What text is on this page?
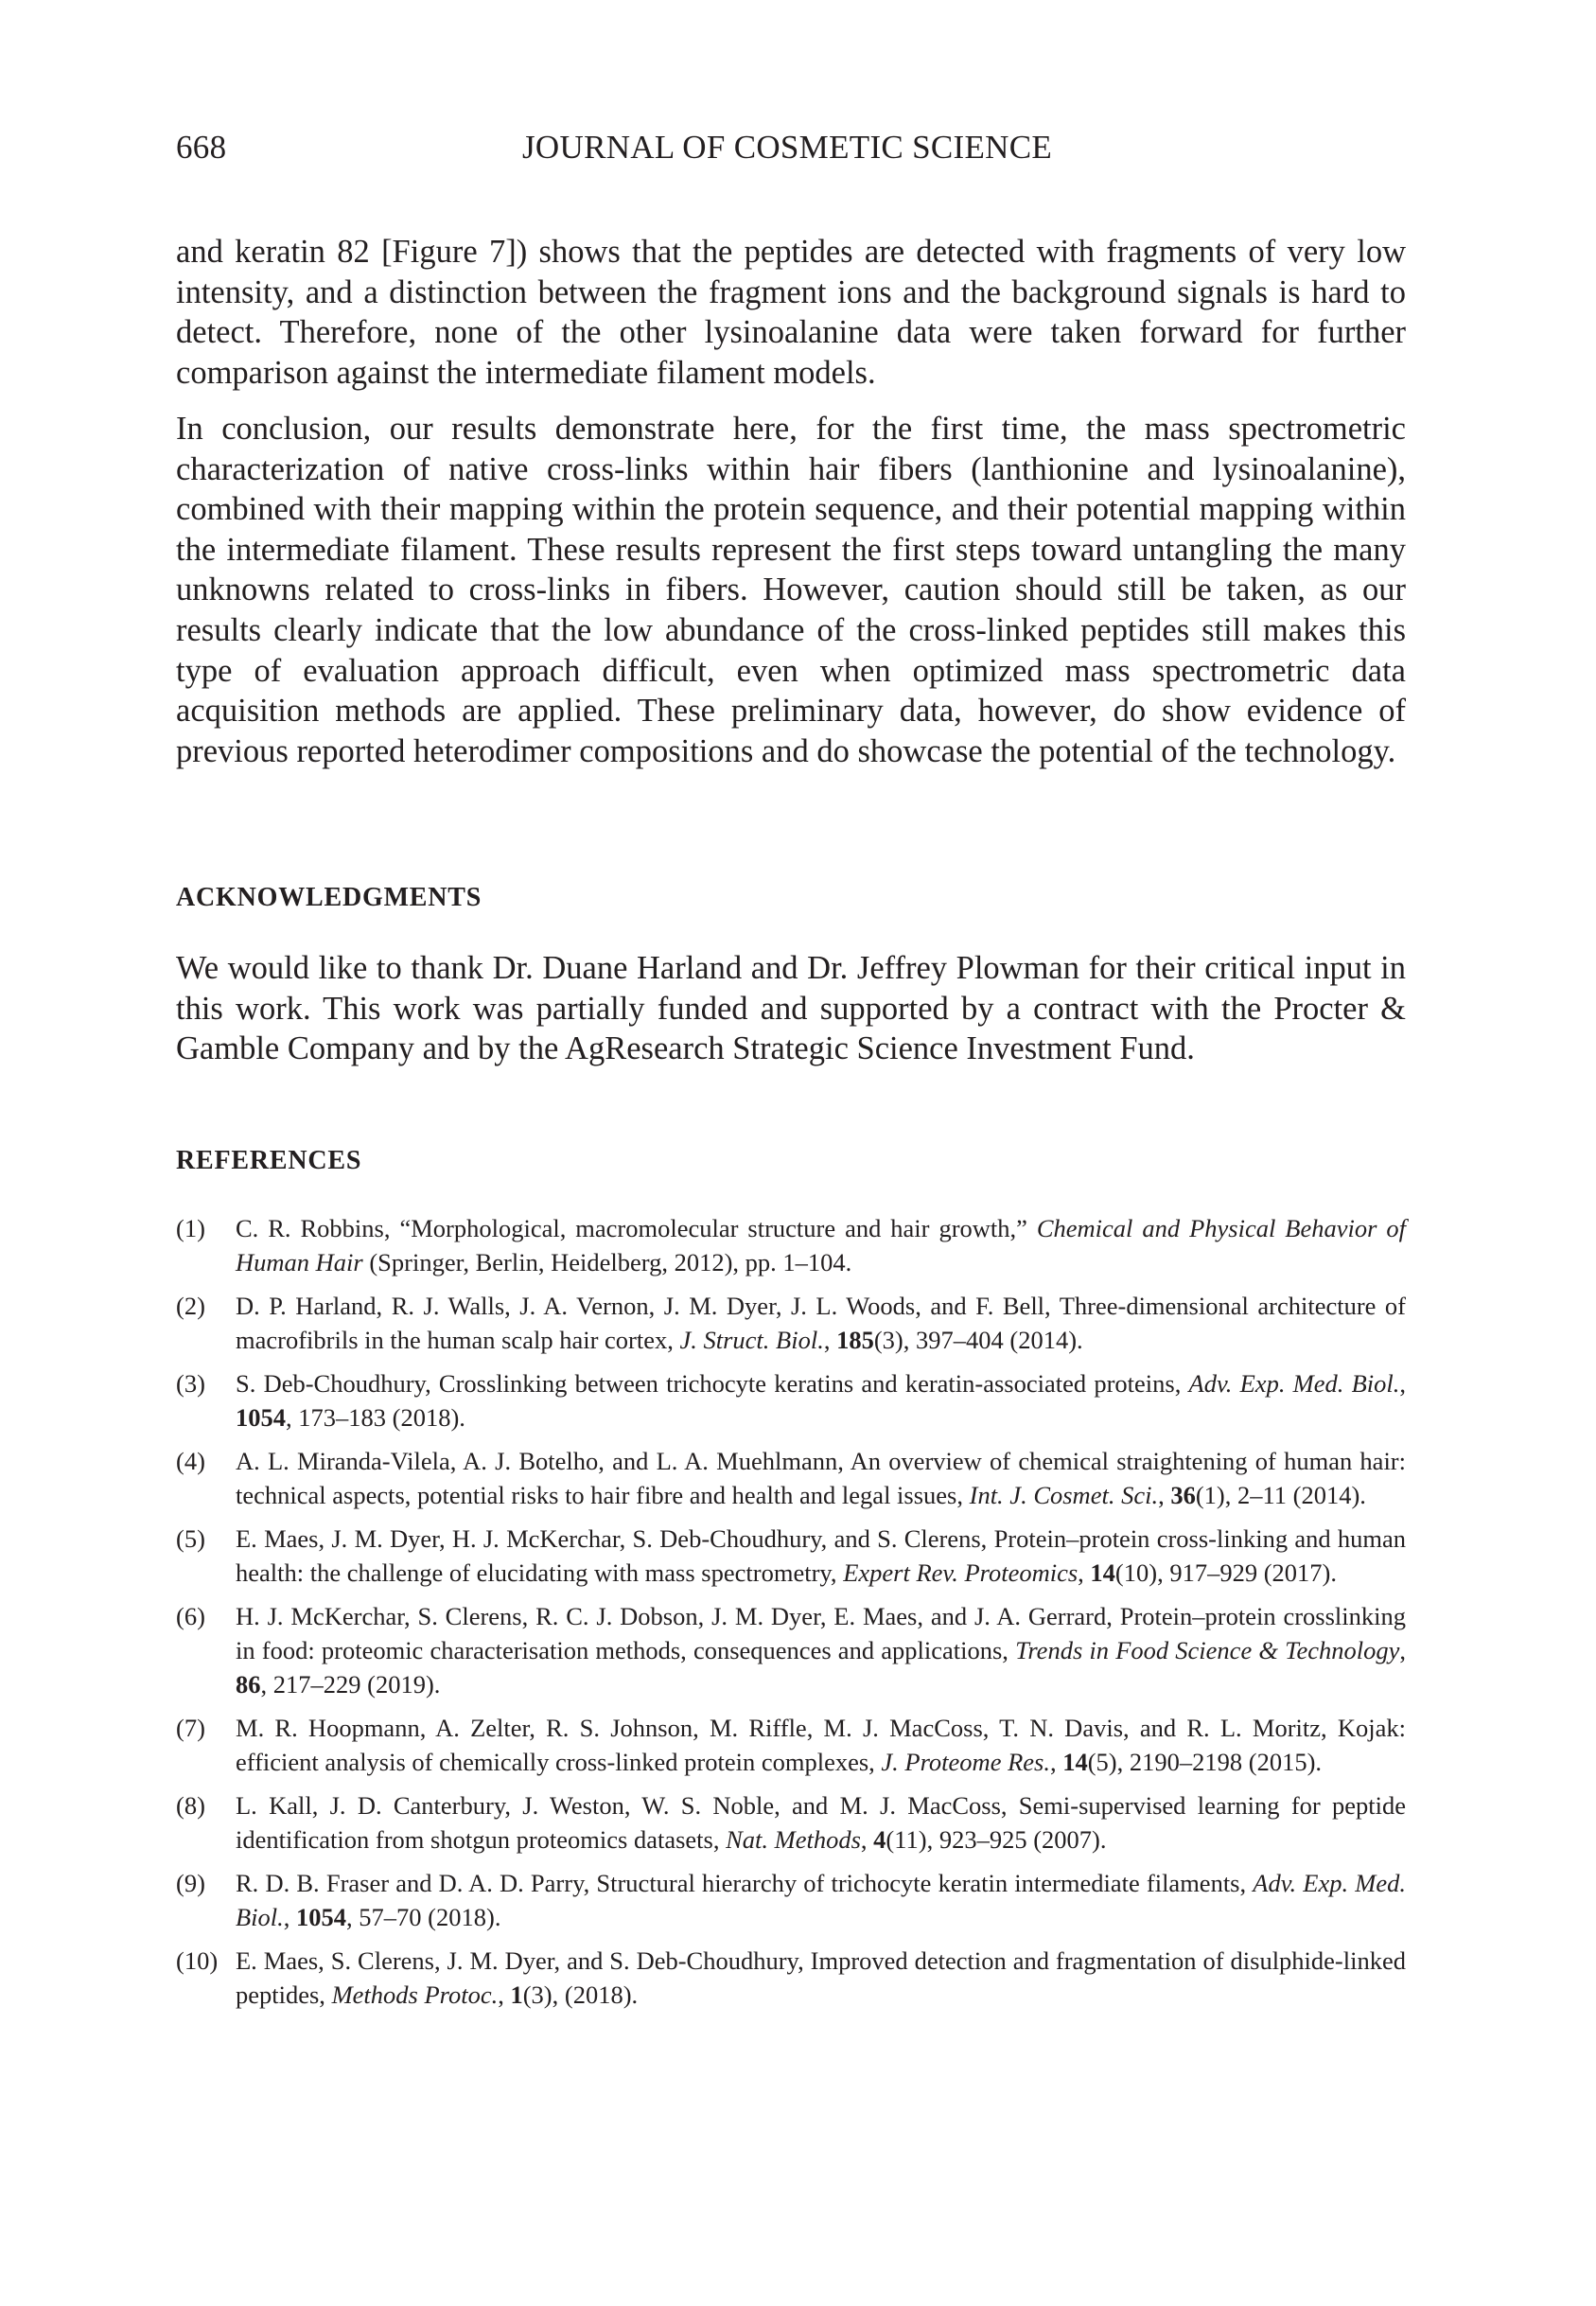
668	JOURNAL OF COSMETIC SCIENCE

and keratin 82 [Figure 7]) shows that the peptides are detected with fragments of very low intensity, and a distinction between the fragment ions and the background signals is hard to detect. Therefore, none of the other lysinoalanine data were taken forward for further comparison against the intermediate filament models.

In conclusion, our results demonstrate here, for the first time, the mass spectrometric characterization of native cross-links within hair fibers (lanthionine and lysinoalanine), combined with their mapping within the protein sequence, and their potential mapping within the intermediate filament. These results represent the first steps toward untangling the many unknowns related to cross-links in fibers. However, caution should still be taken, as our results clearly indicate that the low abundance of the cross-linked peptides still makes this type of evaluation approach difficult, even when optimized mass spectrometric data acquisition methods are applied. These preliminary data, however, do show evidence of previous reported heterodimer compositions and do showcase the potential of the technology.

ACKNOWLEDGMENTS

We would like to thank Dr. Duane Harland and Dr. Jeffrey Plowman for their critical input in this work. This work was partially funded and supported by a contract with the Procter & Gamble Company and by the AgResearch Strategic Science Investment Fund.

REFERENCES
(1)	C. R. Robbins, “Morphological, macromolecular structure and hair growth,” Chemical and Physical Behavior of Human Hair (Springer, Berlin, Heidelberg, 2012), pp. 1–104.
(2)	D. P. Harland, R. J. Walls, J. A. Vernon, J. M. Dyer, J. L. Woods, and F. Bell, Three-dimensional architecture of macrofibrils in the human scalp hair cortex, J. Struct. Biol., 185(3), 397–404 (2014).
(3)	S. Deb-Choudhury, Crosslinking between trichocyte keratins and keratin-associated proteins, Adv. Exp. Med. Biol., 1054, 173–183 (2018).
(4)	A. L. Miranda-Vilela, A. J. Botelho, and L. A. Muehlmann, An overview of chemical straightening of human hair: technical aspects, potential risks to hair fibre and health and legal issues, Int. J. Cosmet. Sci., 36(1), 2–11 (2014).
(5)	E. Maes, J. M. Dyer, H. J. McKerchar, S. Deb-Choudhury, and S. Clerens, Protein–protein cross-linking and human health: the challenge of elucidating with mass spectrometry, Expert Rev. Proteomics, 14(10), 917–929 (2017).
(6)	H. J. McKerchar, S. Clerens, R. C. J. Dobson, J. M. Dyer, E. Maes, and J. A. Gerrard, Protein–protein crosslinking in food: proteomic characterisation methods, consequences and applications, Trends in Food Science & Technology, 86, 217–229 (2019).
(7)	M. R. Hoopmann, A. Zelter, R. S. Johnson, M. Riffle, M. J. MacCoss, T. N. Davis, and R. L. Moritz, Kojak: efficient analysis of chemically cross-linked protein complexes, J. Proteome Res., 14(5), 2190–2198 (2015).
(8)	L. Kall, J. D. Canterbury, J. Weston, W. S. Noble, and M. J. MacCoss, Semi-supervised learning for peptide identification from shotgun proteomics datasets, Nat. Methods, 4(11), 923–925 (2007).
(9)	R. D. B. Fraser and D. A. D. Parry, Structural hierarchy of trichocyte keratin intermediate filaments, Adv. Exp. Med. Biol., 1054, 57–70 (2018).
(10) E. Maes, S. Clerens, J. M. Dyer, and S. Deb-Choudhury, Improved detection and fragmentation of disulphide-linked peptides, Methods Protoc., 1(3), (2018).
